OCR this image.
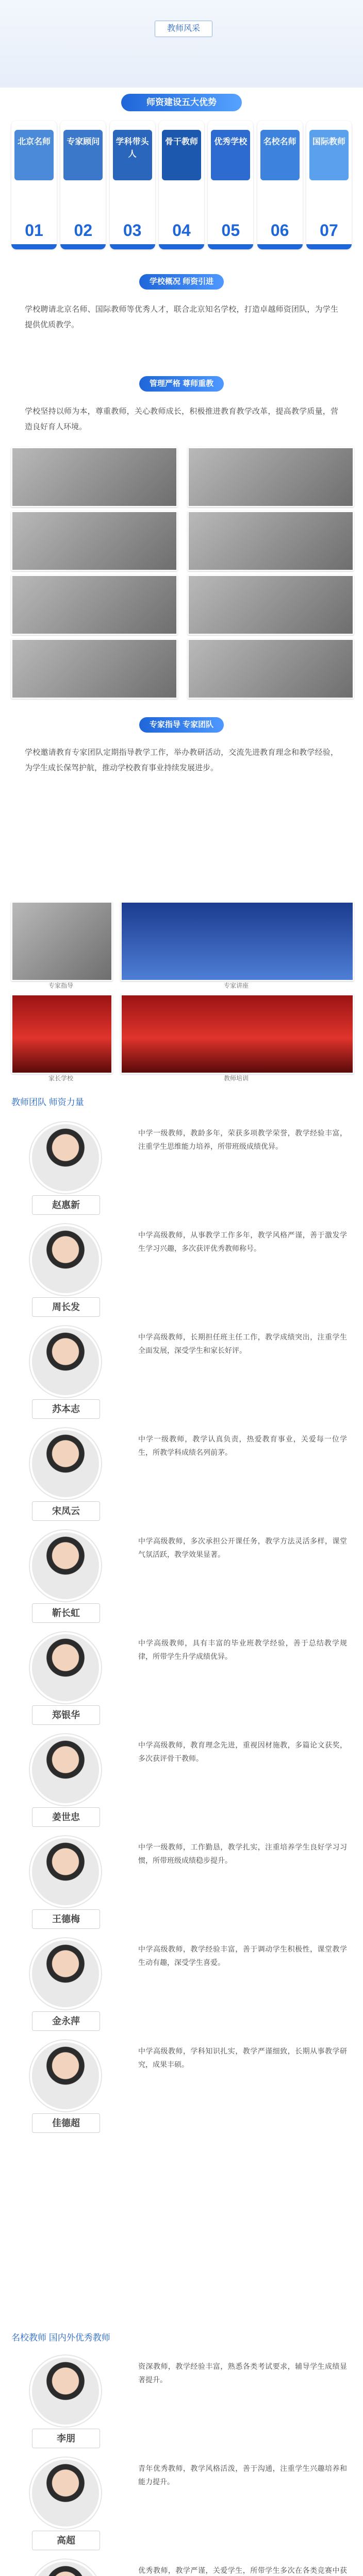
教师风采
师资建设五大优势
北京名师
01
专家顾问
02
学科带头人
03
骨干教师
04
优秀学校
05
名校名师
06
国际教师
07
学校概况 师资引进
学校聘请北京名师、国际教师等优秀人才，联合北京知名学校，打造卓越师资团队，为学生提供优质教学。
管理严格 尊师重教
学校坚持以师为本，尊重教师，关心教师成长，积极推进教育教学改革，提高教学质量，营造良好育人环境。
专家指导 专家团队
学校邀请教育专家团队定期指导教学工作，举办教研活动，交流先进教育理念和教学经验，为学生成长保驾护航，推动学校教育事业持续发展进步。
专家指导	专家讲座
家长学校	教师培训
教师团队 师资力量
赵惠新
中学一级教师，教龄多年，荣获多项教学荣誉，教学经验丰富，注重学生思维能力培养，所带班级成绩优异。
周长发
中学高级教师，从事教学工作多年，教学风格严谨，善于激发学生学习兴趣，多次获评优秀教师称号。
苏本志
中学高级教师，长期担任班主任工作，教学成绩突出，注重学生全面发展，深受学生和家长好评。
宋凤云
中学一级教师，教学认真负责，热爱教育事业，关爱每一位学生，所教学科成绩名列前茅。
靳长虹
中学高级教师，多次承担公开课任务，教学方法灵活多样，课堂气氛活跃，教学效果显著。
郑银华
中学高级教师，具有丰富的毕业班教学经验，善于总结教学规律，所带学生升学成绩优异。
姜世忠
中学高级教师，教育理念先进，重视因材施教，多篇论文获奖，多次获评骨干教师。
王德梅
中学一级教师，工作勤恳，教学扎实，注重培养学生良好学习习惯，所带班级成绩稳步提升。
金永萍
中学高级教师，教学经验丰富，善于调动学生积极性，课堂教学生动有趣，深受学生喜爱。
佳德超
中学高级教师，学科知识扎实，教学严谨细致，长期从事教学研究，成果丰硕。
名校教师 国内外优秀教师
李朋
资深教师，教学经验丰富，熟悉各类考试要求，辅导学生成绩显著提升。
高超
青年优秀教师，教学风格活泼，善于沟通，注重学生兴趣培养和能力提升。
优秀教师，教学严谨，关爱学生，所带学生多次在各类竞赛中获
